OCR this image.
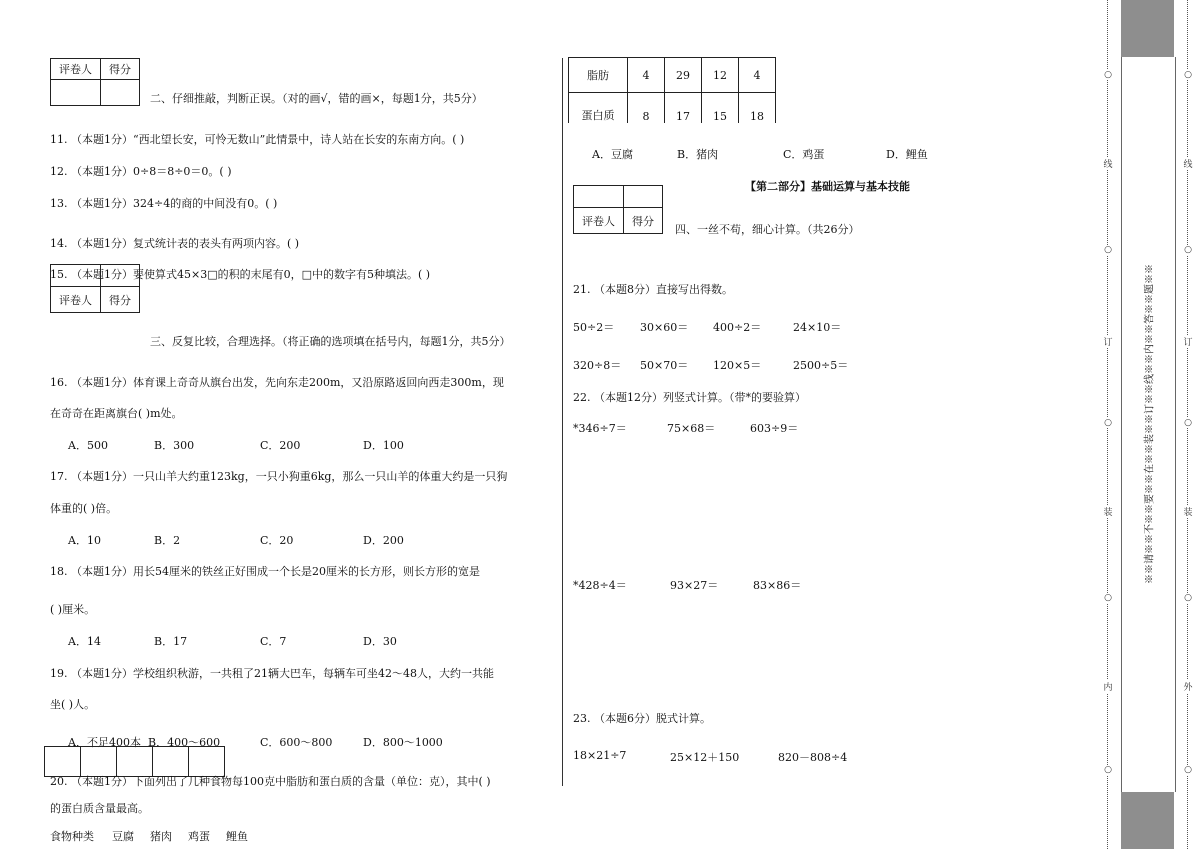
评卷人	得分

二、仔细推敲，判断正误。（对的画√，错的画×，每题1分，共5分）
11. （本题1分）“西北望长安，可怜无数山”此情景中，诗人站在长安的东南方向。( )
12. （本题1分）0÷8＝8÷0＝0。( )
13. （本题1分）324÷4的商的中间没有0。( )
14. （本题1分）复式统计表的表头有两项内容。( )
15. （本题1分）要使算式45×3□的积的末尾有0，□中的数字有5种填法。( )

评卷人	得分
三、反复比较，合理选择。（将正确的选项填在括号内，每题1分，共5分）
16. （本题1分）体育课上奇奇从旗台出发，先向东走200m，又沿原路返回向西走300m，现
在奇奇在距离旗台( )m处。
A．500	B．300	C．200	D．100
17. （本题1分）一只山羊大约重123kg，一只小狗重6kg，那么一只山羊的体重大约是一只狗
体重的( )倍。
A．10	B．2	C．20	D．200
18. （本题1分）用长54厘米的铁丝正好围成一个长是20厘米的长方形，则长方形的宽是
( )厘米。
A．14	B．17	C．7	D．30
19. （本题1分）学校组织秋游，一共租了21辆大巴车，每辆车可坐42～48人，大约一共能
坐( )人。
A．不足400本 B．400～600	C．600～800	D．800～1000

20. （本题1分）下面列出了几种食物每100克中脂肪和蛋白质的含量（单位：克），其中( )
的蛋白质含量最高。
食物种类 豆腐 猪肉 鸡蛋 鲤鱼
脂肪	4	29	12	4
蛋白质	8	17	15	18
A．豆腐	B．猪肉	C．鸡蛋	D．鲤鱼
【第二部分】基础运算与基本技能

评卷人	得分
四、一丝不苟，细心计算。（共26分）
21. （本题8分）直接写出得数。
50÷2＝ 30×60＝ 400÷2＝	24×10＝
320÷8＝ 50×70＝ 120×5＝	2500÷5＝
22. （本题12分）列竖式计算。（带*的要验算）
*346÷7＝	75×68＝	603÷9＝
*428÷4＝	93×27＝	83×86＝
23. （本题6分）脱式计算。
18×21÷7	25×12＋150	820－808÷4
○
线
○
订
○
装
○
内
○
※※请※※不※※要※※在※※装※※订※※线※※内※※答※※题※※
○
线
○
订
○
装
○
外
○
